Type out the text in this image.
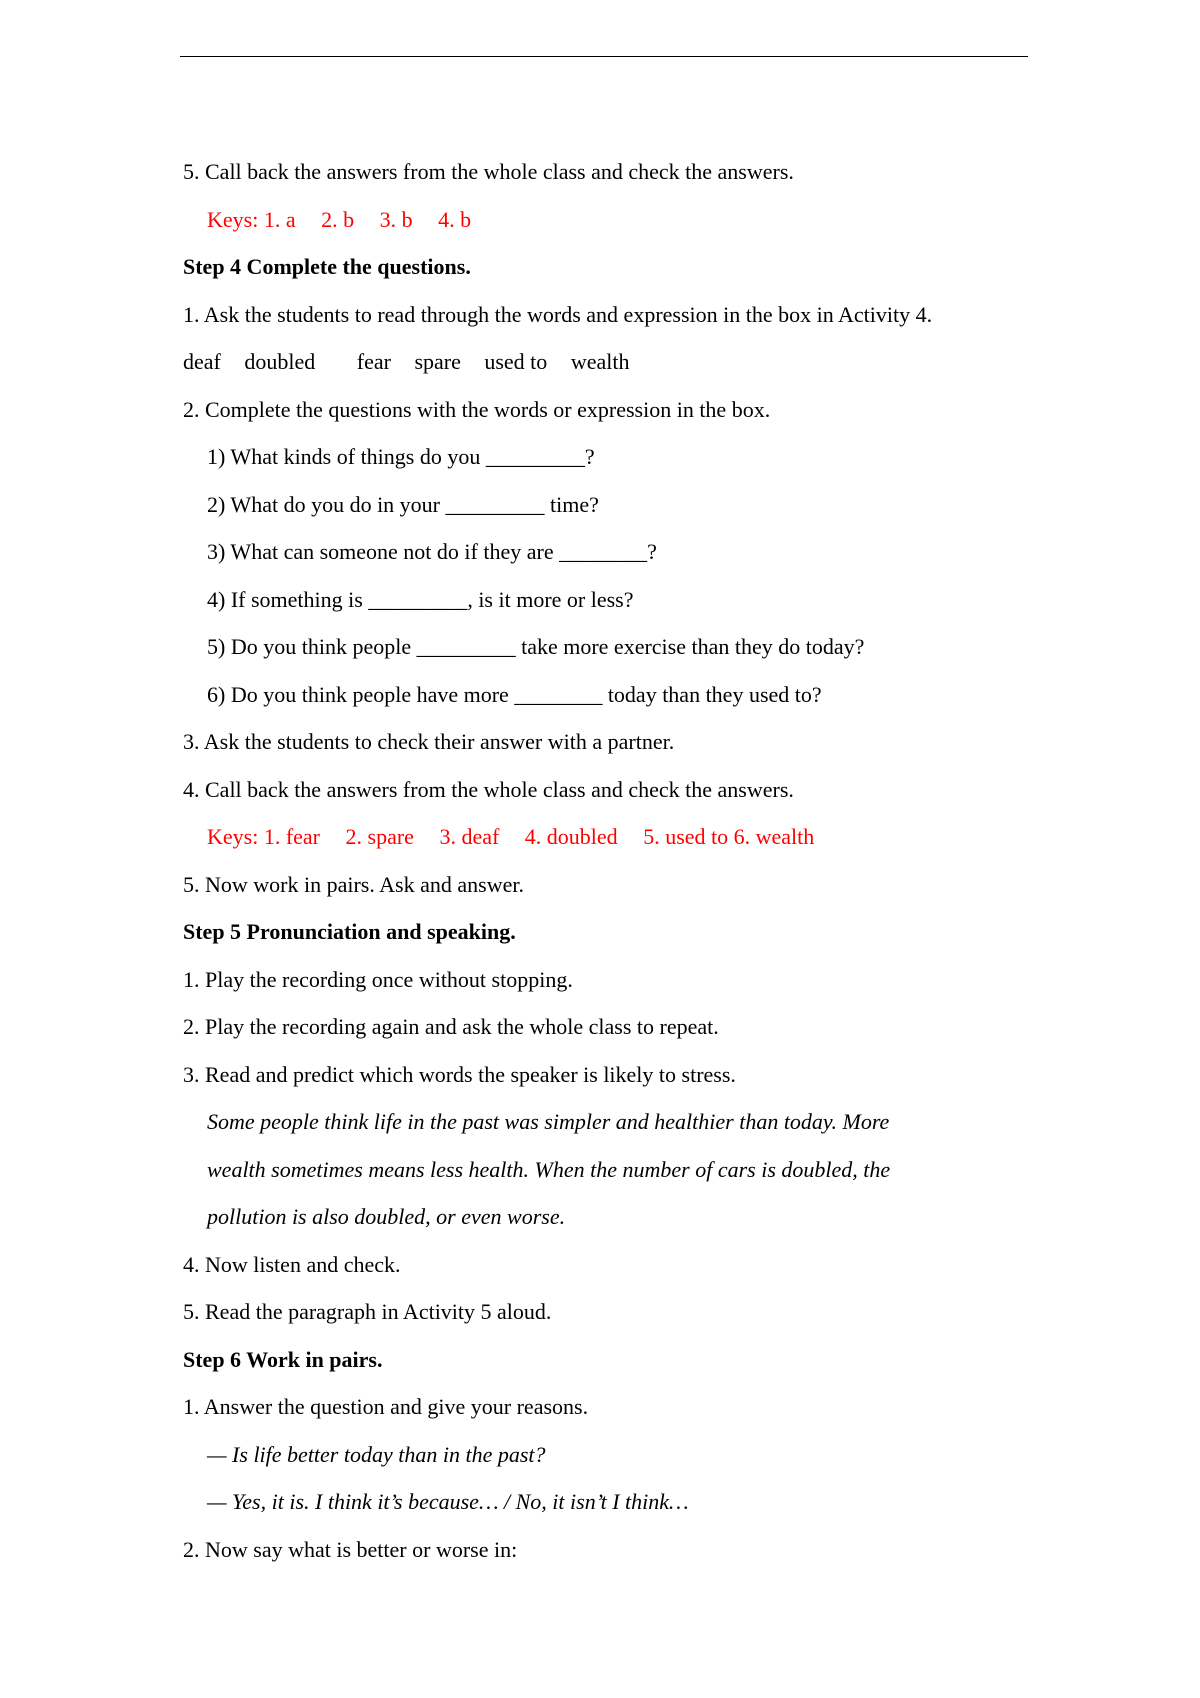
5. Call back the answers from the whole class and check the answers.
Keys: 1. a 2. b 3. b 4. b
Step 4 Complete the questions.
1. Ask the students to read through the words and expression in the box in Activity 4.
deaf doubled fear spare used to wealth
2. Complete the questions with the words or expression in the box.
1) What kinds of things do you _________?
2) What do you do in your _________ time?
3) What can someone not do if they are ________?
4) If something is _________, is it more or less?
5) Do you think people _________ take more exercise than they do today?
6) Do you think people have more ________ today than they used to?
3. Ask the students to check their answer with a partner.
4. Call back the answers from the whole class and check the answers.
Keys: 1. fear 2. spare 3. deaf 4. doubled 5. used to 6. wealth
5. Now work in pairs. Ask and answer.
Step 5 Pronunciation and speaking.
1. Play the recording once without stopping.
2. Play the recording again and ask the whole class to repeat.
3. Read and predict which words the speaker is likely to stress.
Some people think life in the past was simpler and healthier than today. More
wealth sometimes means less health. When the number of cars is doubled, the
pollution is also doubled, or even worse.
4. Now listen and check.
5. Read the paragraph in Activity 5 aloud.
Step 6 Work in pairs.
1. Answer the question and give your reasons.
— Is life better today than in the past?
— Yes, it is. I think it’s because… / No, it isn’t I think…
2. Now say what is better or worse in:
